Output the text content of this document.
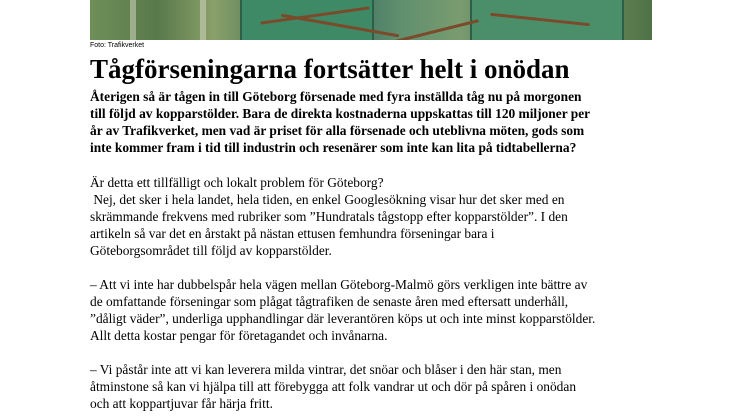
Foto: Trafikverket
Tågförseningarna fortsätter helt i onödan

Återigen så är tågen in till Göteborg försenade med fyra inställda tåg nu på morgonen
till följd av kopparstölder. Bara de direkta kostnaderna uppskattas till 120 miljoner per
år av Trafikverket, men vad är priset för alla försenade och uteblivna möten, gods som
inte kommer fram i tid till industrin och resenärer som inte kan lita på tidtabellerna?

Är detta ett tillfälligt och lokalt problem för Göteborg?
Nej, det sker i hela landet, hela tiden, en enkel Googlesökning visar hur det sker med en
skrämmande frekvens med rubriker som ”Hundratals tågstopp efter kopparstölder”. I den
artikeln så var det en årstakt på nästan ettusen femhundra förseningar bara i
Göteborgsområdet till följd av kopparstölder.

– Att vi inte har dubbelspår hela vägen mellan Göteborg-Malmö görs verkligen inte bättre av
de omfattande förseningar som plågat tågtrafiken de senaste åren med eftersatt underhåll,
”dåligt väder”, underliga upphandlingar där leverantören köps ut och inte minst kopparstölder.
Allt detta kostar pengar för företagandet och invånarna.

– Vi påstår inte att vi kan leverera milda vintrar, det snöar och blåser i den här stan, men
åtminstone så kan vi hjälpa till att förebygga att folk vandrar ut och dör på spåren i onödan
och att koppartjuvar får härja fritt.
